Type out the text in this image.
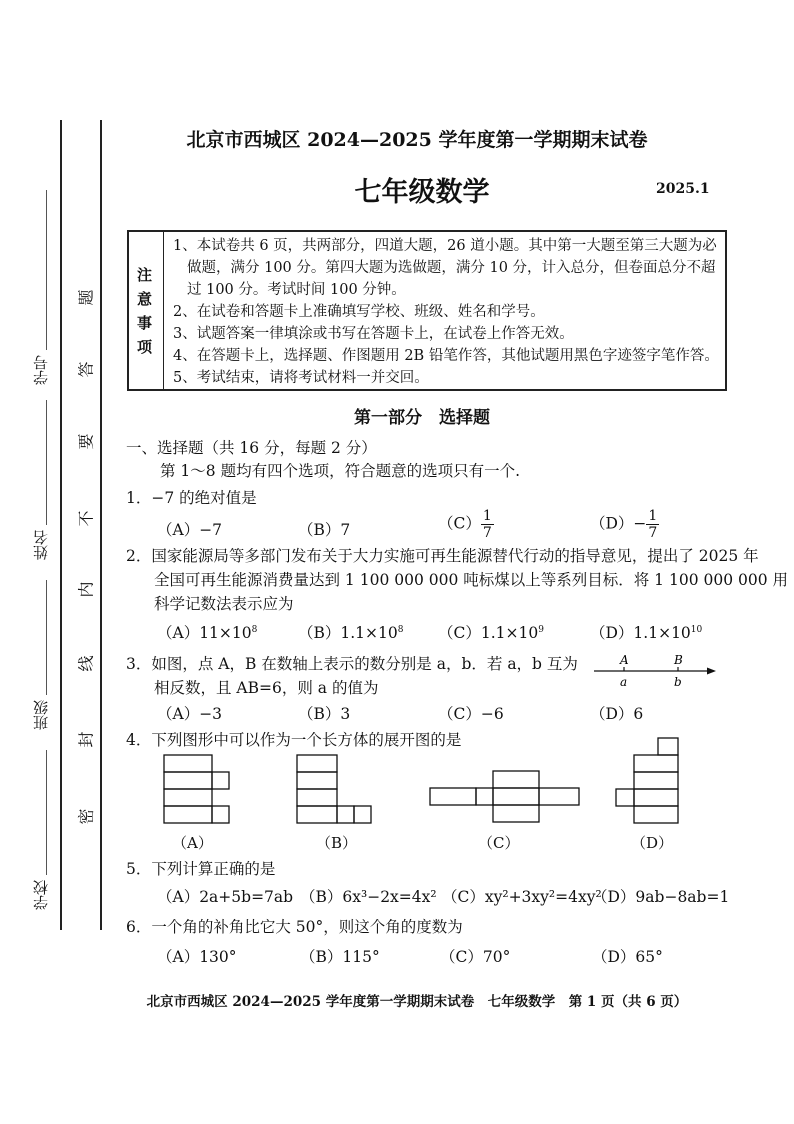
学号
姓名
班级
学校
题
答
要
不
内
线
封
密
北京市西城区 2024—2025 学年度第一学期期末试卷
七年级数学	2025.1
注
意
事
项
1、本试卷共 6 页，共两部分，四道大题，26 道小题。其中第一大题至第三大题为必
做题，满分 100 分。第四大题为选做题，满分 10 分，计入总分，但卷面总分不超
过 100 分。考试时间 100 分钟。
2、在试卷和答题卡上准确填写学校、班级、姓名和学号。
3、试题答案一律填涂或书写在答题卡上，在试卷上作答无效。
4、在答题卡上，选择题、作图题用 2B 铅笔作答，其他试题用黑色字迹签字笔作答。
5、考试结束，请将考试材料一并交回。
第一部分　选择题
一、选择题（共 16 分，每题 2 分）
第 1～8 题均有四个选项，符合题意的选项只有一个.
1．−7 的绝对值是
（A）−7	（B）7	$(C) \frac{1}{7}$	$(D)- \frac{1}{7}$
2．国家能源局等多部门发布关于大力实施可再生能源替代行动的指导意见，提出了 2025 年
全国可再生能源消费量达到 1 100 000 000 吨标煤以上等系列目标．将 1 100 000 000 用
科学记数法表示应为
$(A)11\times 10^8$	$(B)1.1\times 10^8$ $(C)1.1\times 10^9$	$(D)1.1\times 10^{10}$
3．如图，点 A，B 在数轴上表示的数分别是 a，b．若 a，b 互为
相反数，且 AB=6，则 a 的值为
（A）−3	（B）3	（C）−6	（D）6
A	B
a	b
4．下列图形中可以作为一个长方体的展开图的是
（A）	（B）	（C）	（D）
5．下列计算正确的是
（A）2a+5b=7ab （B）6x³−2x=4x² （C）xy²+3xy²=4xy²
（D）9ab−8ab=1
6．一个角的补角比它大 50°，则这个角的度数为
（A）130°	（B）115°	（C）70°	（D）65°
北京市西城区 2024—2025 学年度第一学期期末试卷　七年级数学　第 1 页（共 6 页）
